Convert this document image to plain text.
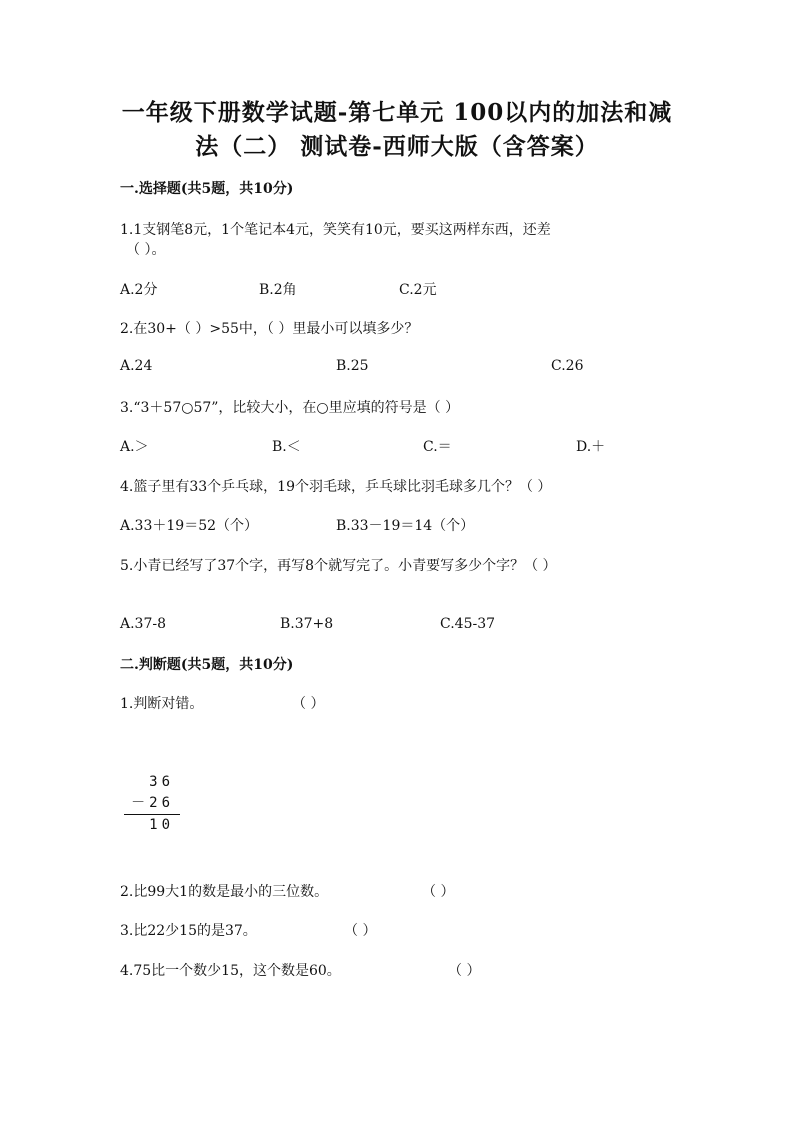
一年级下册数学试题-第七单元 100以内的加法和减
法（二） 测试卷-西师大版（含答案）
一.选择题(共5题，共10分)
1.1支钢笔8元，1个笔记本4元，笑笑有10元，要买这两样东西，还差
（ ）。
A.2分	B.2角	C.2元
2.在30+（ ）>55中，（ ）里最小可以填多少？
A.24	B.25	C.26
3.“3＋57○57”，比较大小，在○里应填的符号是（ ）
A.＞	B.＜	C.＝	D.＋
4.篮子里有33个乒乓球，19个羽毛球，乒乓球比羽毛球多几个？（ ）
A.33＋19＝52（个）	B.33－19＝14（个）
5.小青已经写了37个字，再写8个就写完了。小青要写多少个字？（ ）
A.37-8	B.37+8	C.45-37
二.判断题(共5题，共10分)
1.判断对错。	（ ）
36
－26
10
2.比99大1的数是最小的三位数。	（ ）
3.比22少15的是37。	（ ）
4.75比一个数少15，这个数是60。	（ ）
